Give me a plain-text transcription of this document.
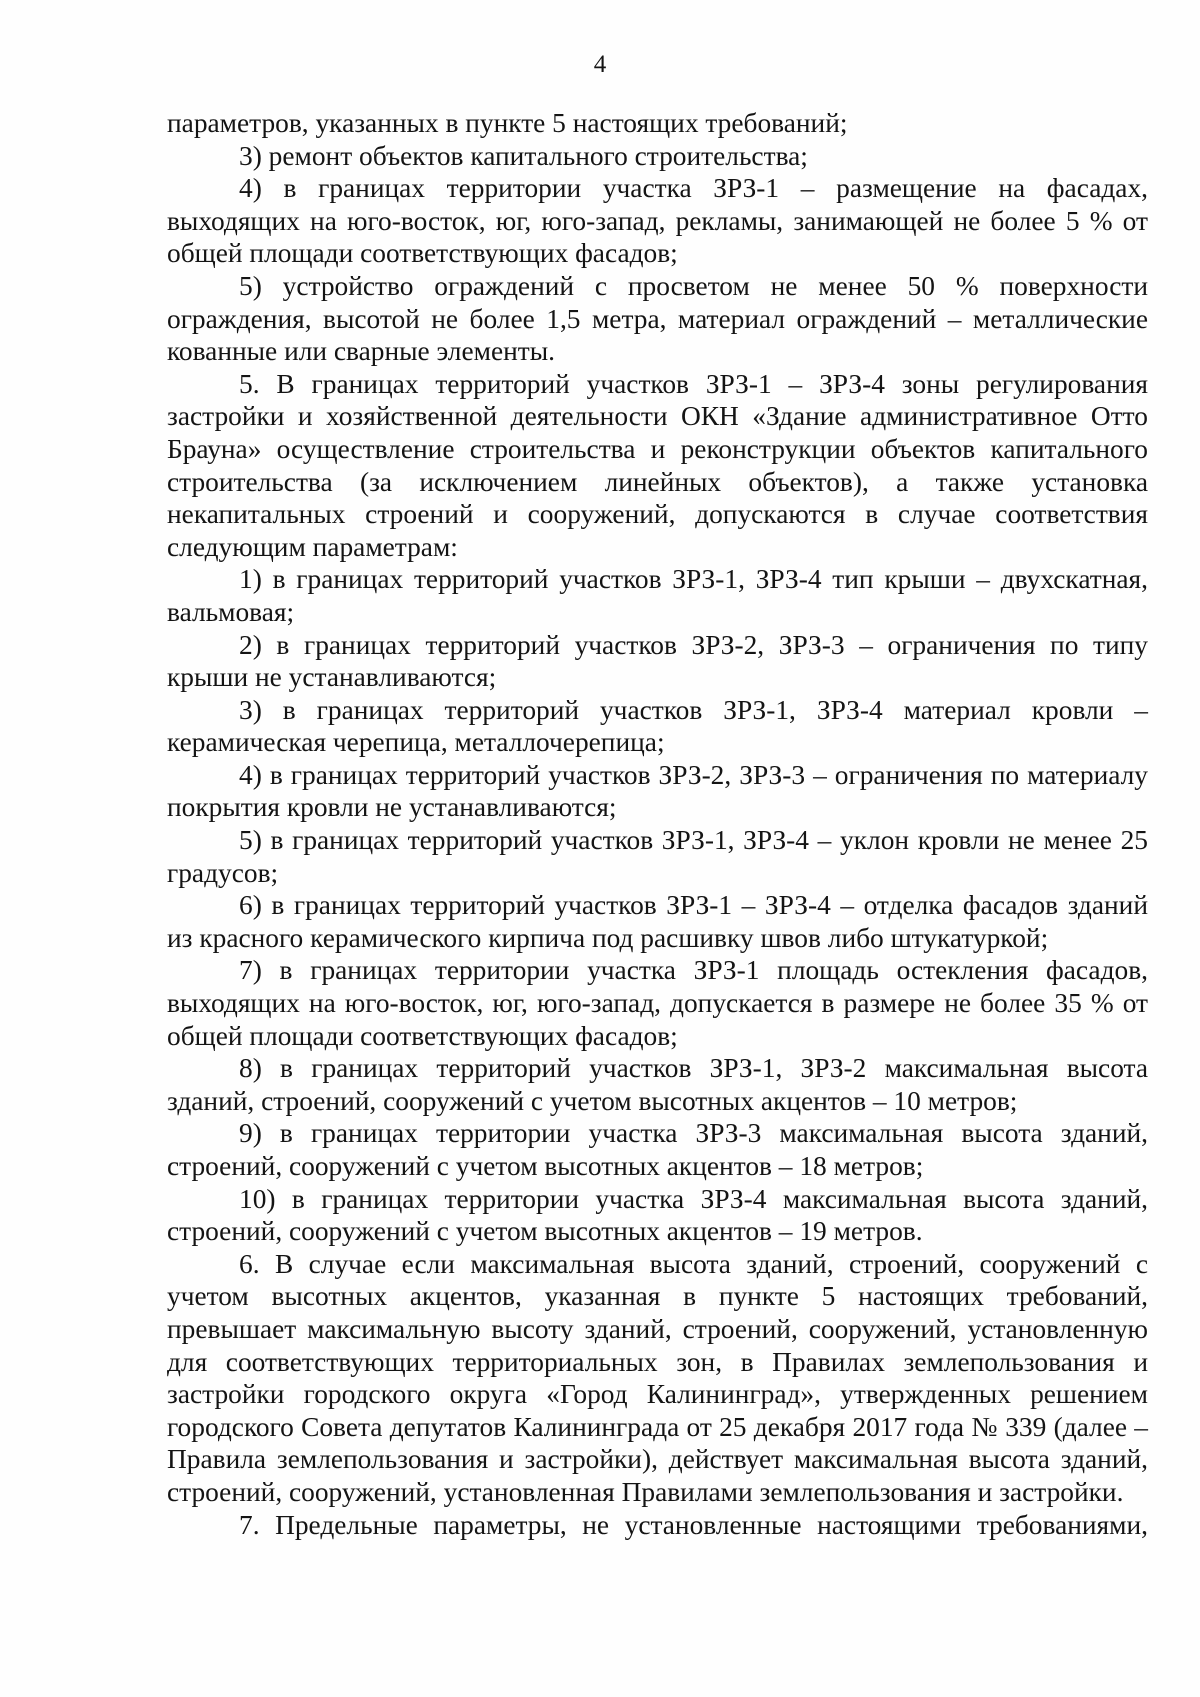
4

параметров, указанных в пункте 5 настоящих требований;

3) ремонт объектов капитального строительства;

4) в границах территории участка ЗРЗ-1 – размещение на фасадах, выходящих на юго-восток, юг, юго-запад, рекламы, занимающей не более 5 % от общей площади соответствующих фасадов;

5) устройство ограждений с просветом не менее 50 % поверхности ограждения, высотой не более 1,5 метра, материал ограждений – металлические кованные или сварные элементы.

5. В границах территорий участков ЗРЗ-1 – ЗРЗ-4 зоны регулирования застройки и хозяйственной деятельности ОКН «Здание административное Отто Брауна» осуществление строительства и реконструкции объектов капитального строительства (за исключением линейных объектов), а также установка некапитальных строений и сооружений, допускаются в случае соответствия следующим параметрам:

1) в границах территорий участков ЗРЗ-1, ЗРЗ-4 тип крыши – двухскатная, вальмовая;

2) в границах территорий участков ЗРЗ-2, ЗРЗ-3 – ограничения по типу крыши не устанавливаются;

3) в границах территорий участков ЗРЗ-1, ЗРЗ-4 материал кровли – керамическая черепица, металлочерепица;

4) в границах территорий участков ЗРЗ-2, ЗРЗ-3 – ограничения по материалу покрытия кровли не устанавливаются;

5) в границах территорий участков ЗРЗ-1, ЗРЗ-4 – уклон кровли не менее 25 градусов;

6) в границах территорий участков ЗРЗ-1 – ЗРЗ-4 – отделка фасадов зданий из красного керамического кирпича под расшивку швов либо штукатуркой;

7) в границах территории участка ЗРЗ-1 площадь остекления фасадов, выходящих на юго-восток, юг, юго-запад, допускается в размере не более 35 % от общей площади соответствующих фасадов;

8) в границах территорий участков ЗРЗ-1, ЗРЗ-2 максимальная высота зданий, строений, сооружений с учетом высотных акцентов – 10 метров;

9) в границах территории участка ЗРЗ-3 максимальная высота зданий, строений, сооружений с учетом высотных акцентов – 18 метров;

10) в границах территории участка ЗРЗ-4 максимальная высота зданий, строений, сооружений с учетом высотных акцентов – 19 метров.

6. В случае если максимальная высота зданий, строений, сооружений с учетом высотных акцентов, указанная в пункте 5 настоящих требований, превышает максимальную высоту зданий, строений, сооружений, установленную для соответствующих территориальных зон, в Правилах землепользования и застройки городского округа «Город Калининград», утвержденных решением городского Совета депутатов Калининграда от 25 декабря 2017 года № 339 (далее – Правила землепользования и застройки), действует максимальная высота зданий, строений, сооружений, установленная Правилами землепользования и застройки.

7. Предельные параметры, не установленные настоящими требованиями,
